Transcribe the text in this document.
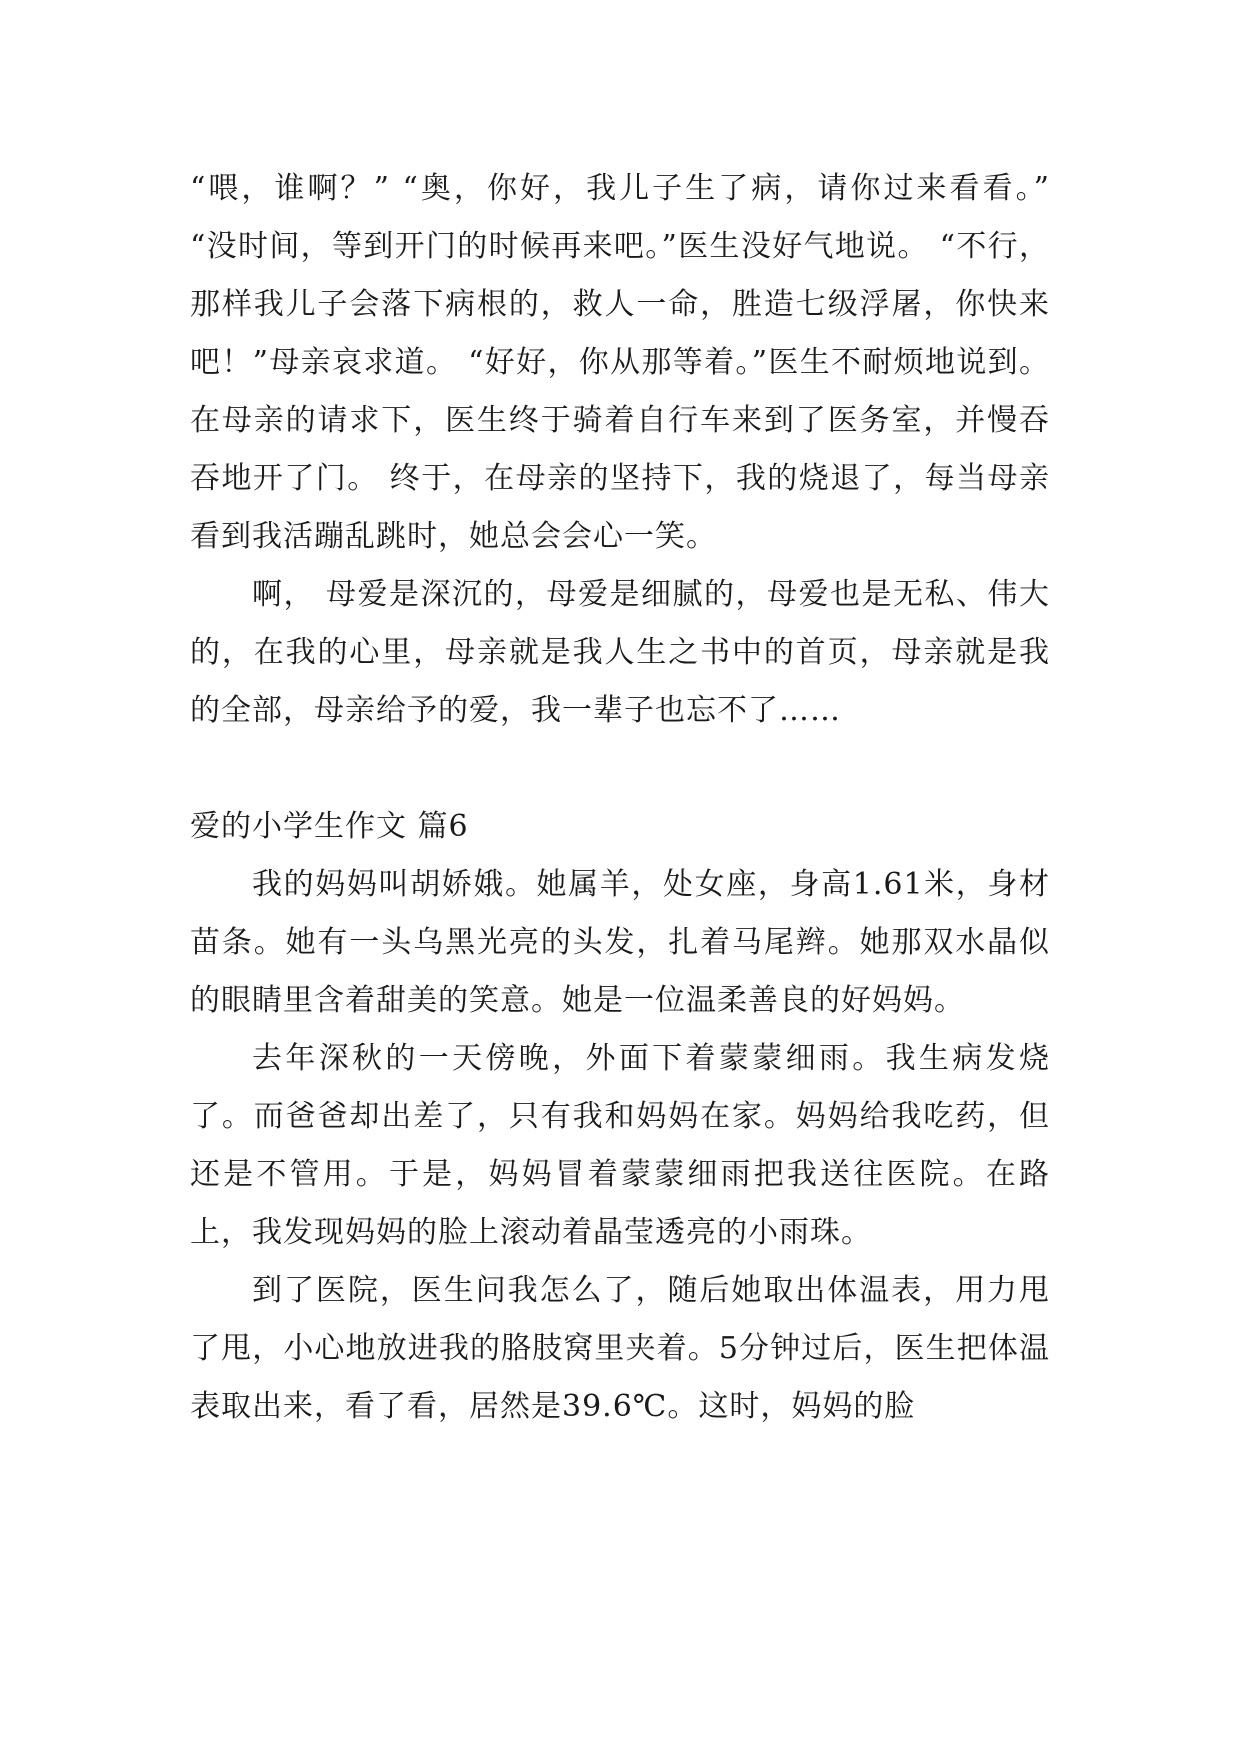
“喂，谁啊？” “奥，你好，我儿子生了病，请你过来看看。” “没时间，等到开门的时候再来吧。”医生没好气地说。 “不行，那样我儿子会落下病根的，救人一命，胜造七级浮屠，你快来吧！”母亲哀求道。 “好好，你从那等着。”医生不耐烦地说到。 在母亲的请求下，医生终于骑着自行车来到了医务室，并慢吞吞地开了门。 终于，在母亲的坚持下，我的烧退了，每当母亲看到我活蹦乱跳时，她总会会心一笑。

啊， 母爱是深沉的，母爱是细腻的，母爱也是无私、伟大的，在我的心里，母亲就是我人生之书中的首页，母亲就是我的全部，母亲给予的爱，我一辈子也忘不了……

爱的小学生作文 篇6

我的妈妈叫胡娇娥。她属羊，处女座，身高1.61米，身材苗条。她有一头乌黑光亮的头发，扎着马尾辫。她那双水晶似的眼睛里含着甜美的笑意。她是一位温柔善良的好妈妈。

去年深秋的一天傍晚，外面下着蒙蒙细雨。我生病发烧了。而爸爸却出差了，只有我和妈妈在家。妈妈给我吃药，但还是不管用。于是，妈妈冒着蒙蒙细雨把我送往医院。在路上，我发现妈妈的脸上滚动着晶莹透亮的小雨珠。

到了医院，医生问我怎么了，随后她取出体温表，用力甩了甩，小心地放进我的胳肢窝里夹着。5分钟过后，医生把体温表取出来，看了看，居然是39.6℃。这时，妈妈的脸
